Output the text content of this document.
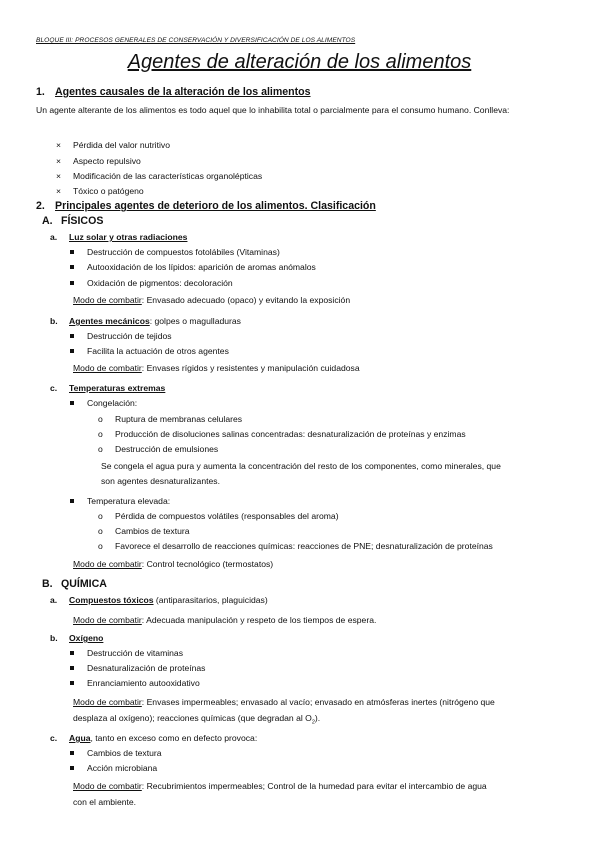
BLOQUE III: PROCESOS GENERALES DE CONSERVACIÓN Y DIVERSIFICACIÓN DE LOS ALIMENTOS
Agentes de alteración de los alimentos
1. Agentes causales de la alteración de los alimentos
Un agente alterante de los alimentos es todo aquel que lo inhabilita total o parcialmente para el consumo humano. Conlleva:
× Pérdida del valor nutritivo
× Aspecto repulsivo
× Modificación de las características organolépticas
× Tóxico o patógeno
2. Principales agentes de deterioro de los alimentos. Clasificación
A. FÍSICOS
a. Luz solar y otras radiaciones
Destrucción de compuestos fotolábiles (Vitaminas)
Autooxidación de los lípidos: aparición de aromas anómalos
Oxidación de pigmentos: decoloración
Modo de combatir: Envasado adecuado (opaco) y evitando la exposición
b. Agentes mecánicos: golpes o magulladuras
Destrucción de tejidos
Facilita la actuación de otros agentes
Modo de combatir: Envases rígidos y resistentes y manipulación cuidadosa
c. Temperaturas extremas
Congelación:
o Ruptura de membranas celulares
o Producción de disoluciones salinas concentradas: desnaturalización de proteínas y enzimas
o Destrucción de emulsiones
Se congela el agua pura y aumenta la concentración del resto de los componentes, como minerales, que
son agentes desnaturalizantes.
Temperatura elevada:
o Pérdida de compuestos volátiles (responsables del aroma)
o Cambios de textura
o Favorece el desarrollo de reacciones químicas: reacciones de PNE; desnaturalización de proteínas
Modo de combatir: Control tecnológico (termostatos)
B. QUÍMICA
a. Compuestos tóxicos (antiparasitarios, plaguicidas)
Modo de combatir: Adecuada manipulación y respeto de los tiempos de espera.
b. Oxígeno
Destrucción de vitaminas
Desnaturalización de proteínas
Enranciamiento autooxidativo
Modo de combatir: Envases impermeables; envasado al vacío; envasado en atmósferas inertes (nitrógeno que
desplaza al oxígeno); reacciones químicas (que degradan al $O_2$).
c. Agua, tanto en exceso como en defecto provoca:
Cambios de textura
Acción microbiana
Modo de combatir: Recubrimientos impermeables; Control de la humedad para evitar el intercambio de agua
con el ambiente.
